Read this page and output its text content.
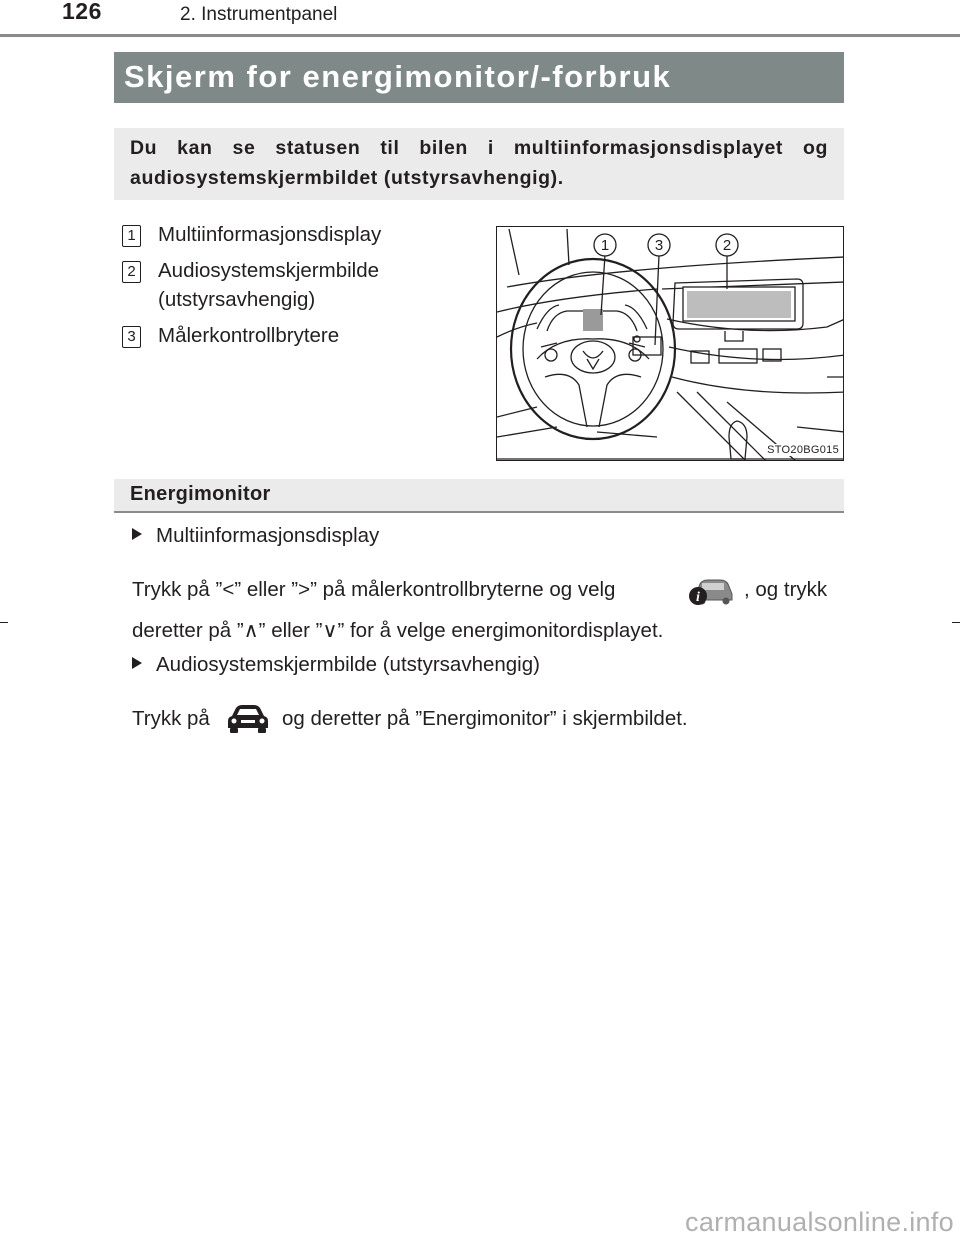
126	2. Instrumentpanel
Skjerm for energimonitor/-forbruk

Du kan se statusen til bilen i multiinformasjonsdisplayet og audiosystemskjermbildet (utstyrsavhengig).

1 Multiinformasjonsdisplay
2 Audiosystemskjermbilde
(utstyrsavhengig)
3 Målerkontrollbrytere
1	3	2
STO20BG015
Energimonitor
Multiinformasjonsdisplay
Trykk på ”<” eller ”>” på målerkontrollbryterne og velg	i , og trykk
deretter på ”∧” eller ”∨” for å velge energimonitordisplayet.
Audiosystemskjermbilde (utstyrsavhengig)
Trykk på	og deretter på ”Energimonitor” i skjermbildet.
carmanualsonline.info
